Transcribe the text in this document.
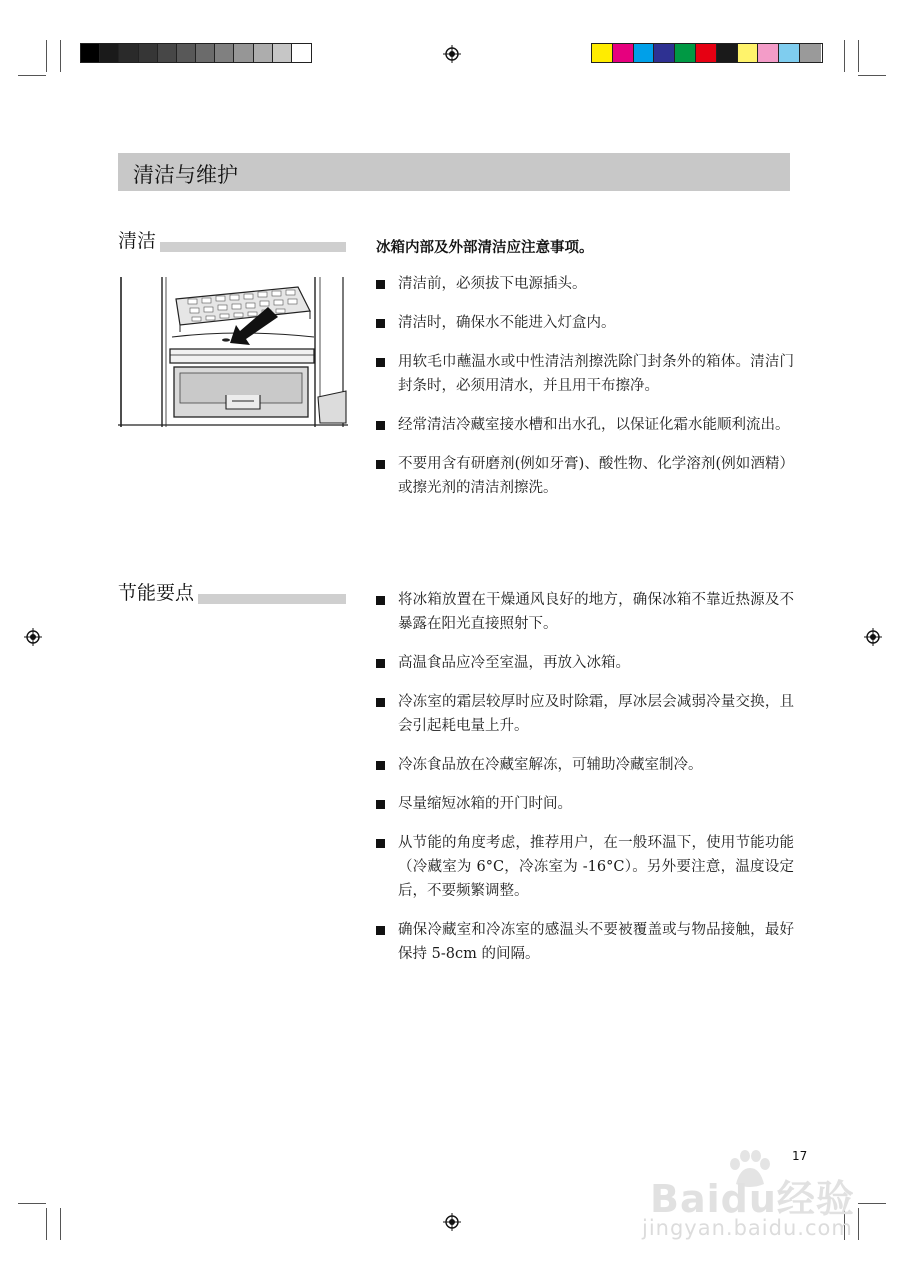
清洁与维护
清洁	冰箱内部及外部清洁应注意事项。
清洁前，必须拔下电源插头。
清洁时，确保水不能进入灯盒内。
用软毛巾蘸温水或中性清洁剂擦洗除门封条外的箱体。清洁门封条时，必须用清水，并且用干布擦净。
经常清洁冷藏室接水槽和出水孔，以保证化霜水能顺利流出。
不要用含有研磨剂(例如牙膏)、酸性物、化学溶剂(例如酒精）或擦光剂的清洁剂擦洗。
节能要点	将冰箱放置在干燥通风良好的地方，确保冰箱不靠近热源及不暴露在阳光直接照射下。
高温食品应冷至室温，再放入冰箱。
冷冻室的霜层较厚时应及时除霜，厚冰层会减弱冷量交换，且会引起耗电量上升。
冷冻食品放在冷藏室解冻，可辅助冷藏室制冷。
尽量缩短冰箱的开门时间。
从节能的角度考虑，推荐用户，在一般环温下，使用节能功能（冷藏室为 6°C，冷冻室为 -16°C）。另外要注意，温度设定后，不要频繁调整。
确保冷藏室和冷冻室的感温头不要被覆盖或与物品接触，最好保持 5-8cm 的间隔。
17
Baidu经验
jingyan.baidu.com
